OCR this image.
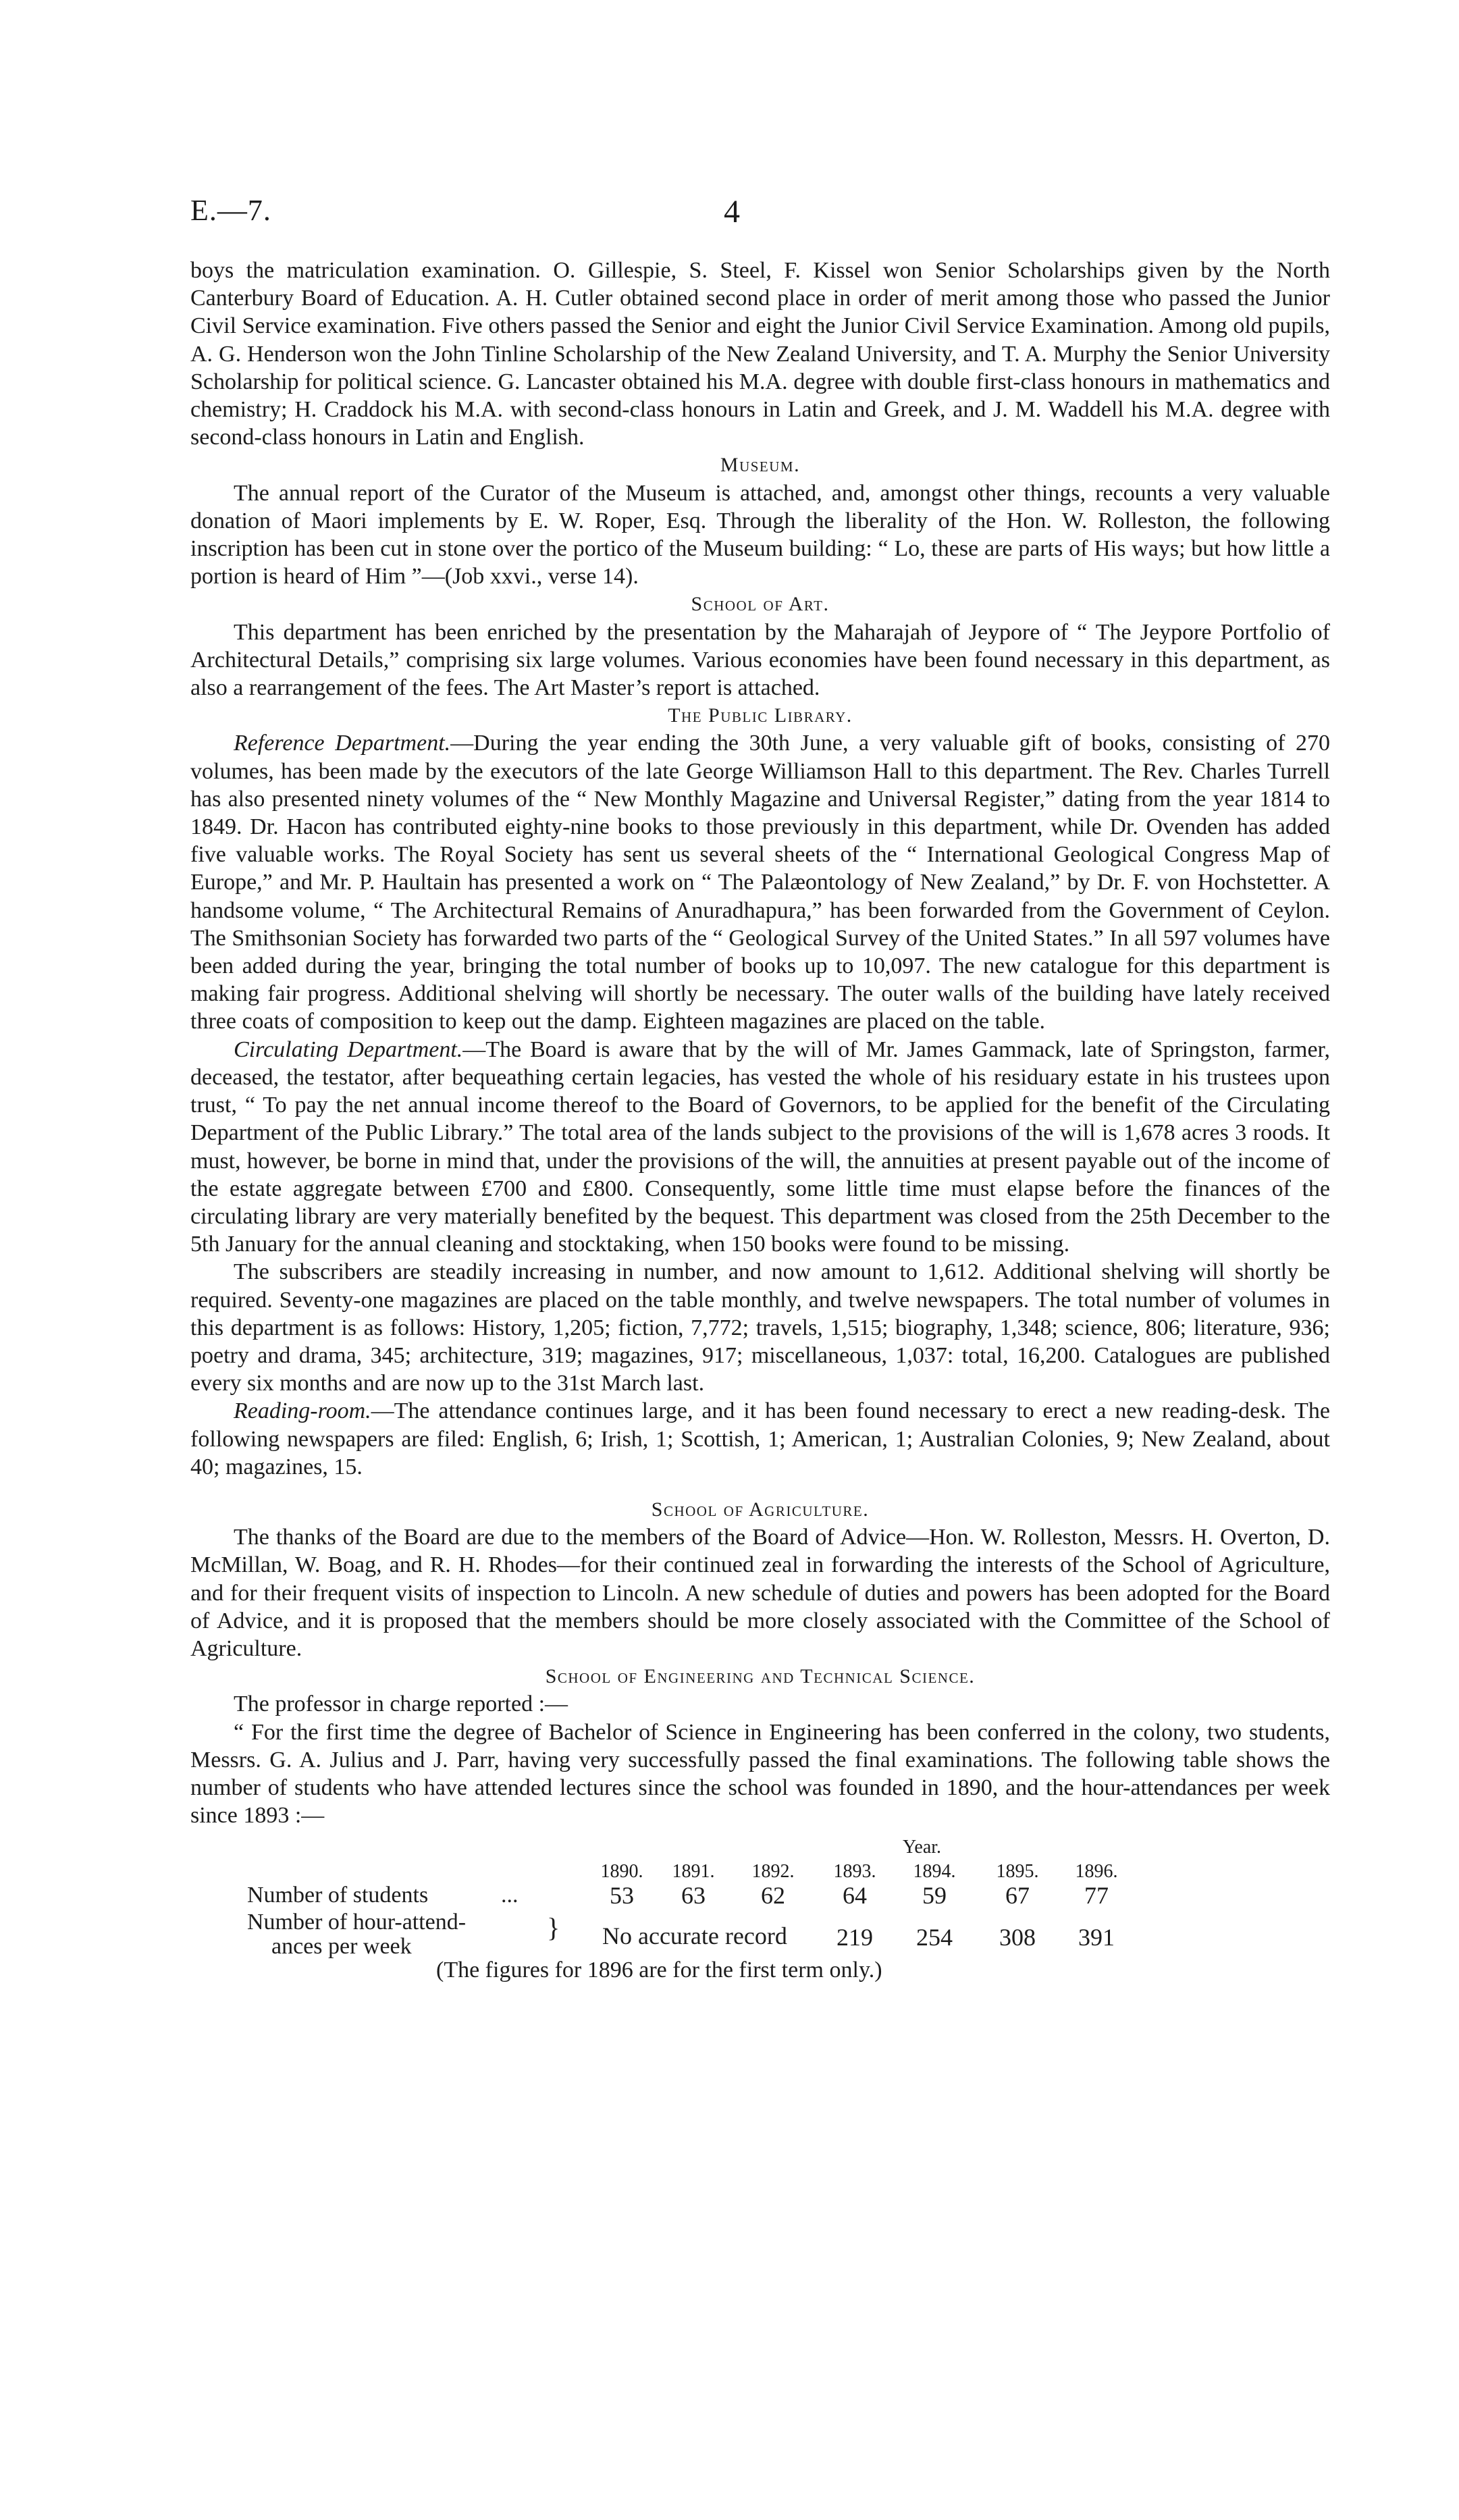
E.—7.	4

boys the matriculation examination. O. Gillespie, S. Steel, F. Kissel won Senior Scholarships given by the North Canterbury Board of Education. A. H. Cutler obtained second place in order of merit among those who passed the Junior Civil Service examination. Five others passed the Senior and eight the Junior Civil Service Examination. Among old pupils, A. G. Henderson won the John Tinline Scholarship of the New Zealand University, and T. A. Murphy the Senior University Scholarship for political science. G. Lancaster obtained his M.A. degree with double first-class honours in mathematics and chemistry; H. Craddock his M.A. with second-class honours in Latin and Greek, and J. M. Waddell his M.A. degree with second-class honours in Latin and English.

Museum.

The annual report of the Curator of the Museum is attached, and, amongst other things, recounts a very valuable donation of Maori implements by E. W. Roper, Esq. Through the liberality of the Hon. W. Rolleston, the following inscription has been cut in stone over the portico of the Museum building: “ Lo, these are parts of His ways; but how little a portion is heard of Him ”—(Job xxvi., verse 14).

School of Art.

This department has been enriched by the presentation by the Maharajah of Jeypore of “ The Jeypore Portfolio of Architectural Details,” comprising six large volumes. Various economies have been found necessary in this department, as also a rearrangement of the fees. The Art Master’s report is attached.

The Public Library.

Reference Department.—During the year ending the 30th June, a very valuable gift of books, consisting of 270 volumes, has been made by the executors of the late George Williamson Hall to this department. The Rev. Charles Turrell has also presented ninety volumes of the “ New Monthly Magazine and Universal Register,” dating from the year 1814 to 1849. Dr. Hacon has contributed eighty-nine books to those previously in this department, while Dr. Ovenden has added five valuable works. The Royal Society has sent us several sheets of the “ International Geological Congress Map of Europe,” and Mr. P. Haultain has presented a work on “ The Palæontology of New Zealand,” by Dr. F. von Hochstetter. A handsome volume, “ The Architectural Remains of Anuradhapura,” has been forwarded from the Government of Ceylon. The Smithsonian Society has forwarded two parts of the “ Geological Survey of the United States.” In all 597 volumes have been added during the year, bringing the total number of books up to 10,097. The new catalogue for this department is making fair progress. Additional shelving will shortly be necessary. The outer walls of the building have lately received three coats of composition to keep out the damp. Eighteen magazines are placed on the table.

Circulating Department.—The Board is aware that by the will of Mr. James Gammack, late of Springston, farmer, deceased, the testator, after bequeathing certain legacies, has vested the whole of his residuary estate in his trustees upon trust, “ To pay the net annual income thereof to the Board of Governors, to be applied for the benefit of the Circulating Department of the Public Library.” The total area of the lands subject to the provisions of the will is 1,678 acres 3 roods. It must, however, be borne in mind that, under the provisions of the will, the annuities at present payable out of the income of the estate aggregate between £700 and £800. Consequently, some little time must elapse before the finances of the circulating library are very materially benefited by the bequest. This department was closed from the 25th December to the 5th January for the annual cleaning and stocktaking, when 150 books were found to be missing.

The subscribers are steadily increasing in number, and now amount to 1,612. Additional shelving will shortly be required. Seventy-one magazines are placed on the table monthly, and twelve newspapers. The total number of volumes in this department is as follows: History, 1,205; fiction, 7,772; travels, 1,515; biography, 1,348; science, 806; literature, 936; poetry and drama, 345; architecture, 319; magazines, 917; miscellaneous, 1,037: total, 16,200. Catalogues are published every six months and are now up to the 31st March last.

Reading-room.—The attendance continues large, and it has been found necessary to erect a new reading-desk. The following newspapers are filed: English, 6; Irish, 1; Scottish, 1; American, 1; Australian Colonies, 9; New Zealand, about 40; magazines, 15.

School of Agriculture.

The thanks of the Board are due to the members of the Board of Advice—Hon. W. Rolleston, Messrs. H. Overton, D. McMillan, W. Boag, and R. H. Rhodes—for their continued zeal in forwarding the interests of the School of Agriculture, and for their frequent visits of inspection to Lincoln. A new schedule of duties and powers has been adopted for the Board of Advice, and it is proposed that the members should be more closely associated with the Committee of the School of Agriculture.

School of Engineering and Technical Science.

The professor in charge reported :—

“ For the first time the degree of Bachelor of Science in Engineering has been conferred in the colony, two students, Messrs. G. A. Julius and J. Parr, having very successfully passed the final examinations. The following table shows the number of students who have attended lectures since the school was founded in 1890, and the hour-attendances per week since 1893 :—

Year.
1890.	1891.	1892.	1893.	1894.	1895.	1896.
Number of students	...	53	63	62	64	59	67	77
Number of hour-attend-
ances per week
} No accurate record	219	254	308	391
(The figures for 1896 are for the first term only.)
